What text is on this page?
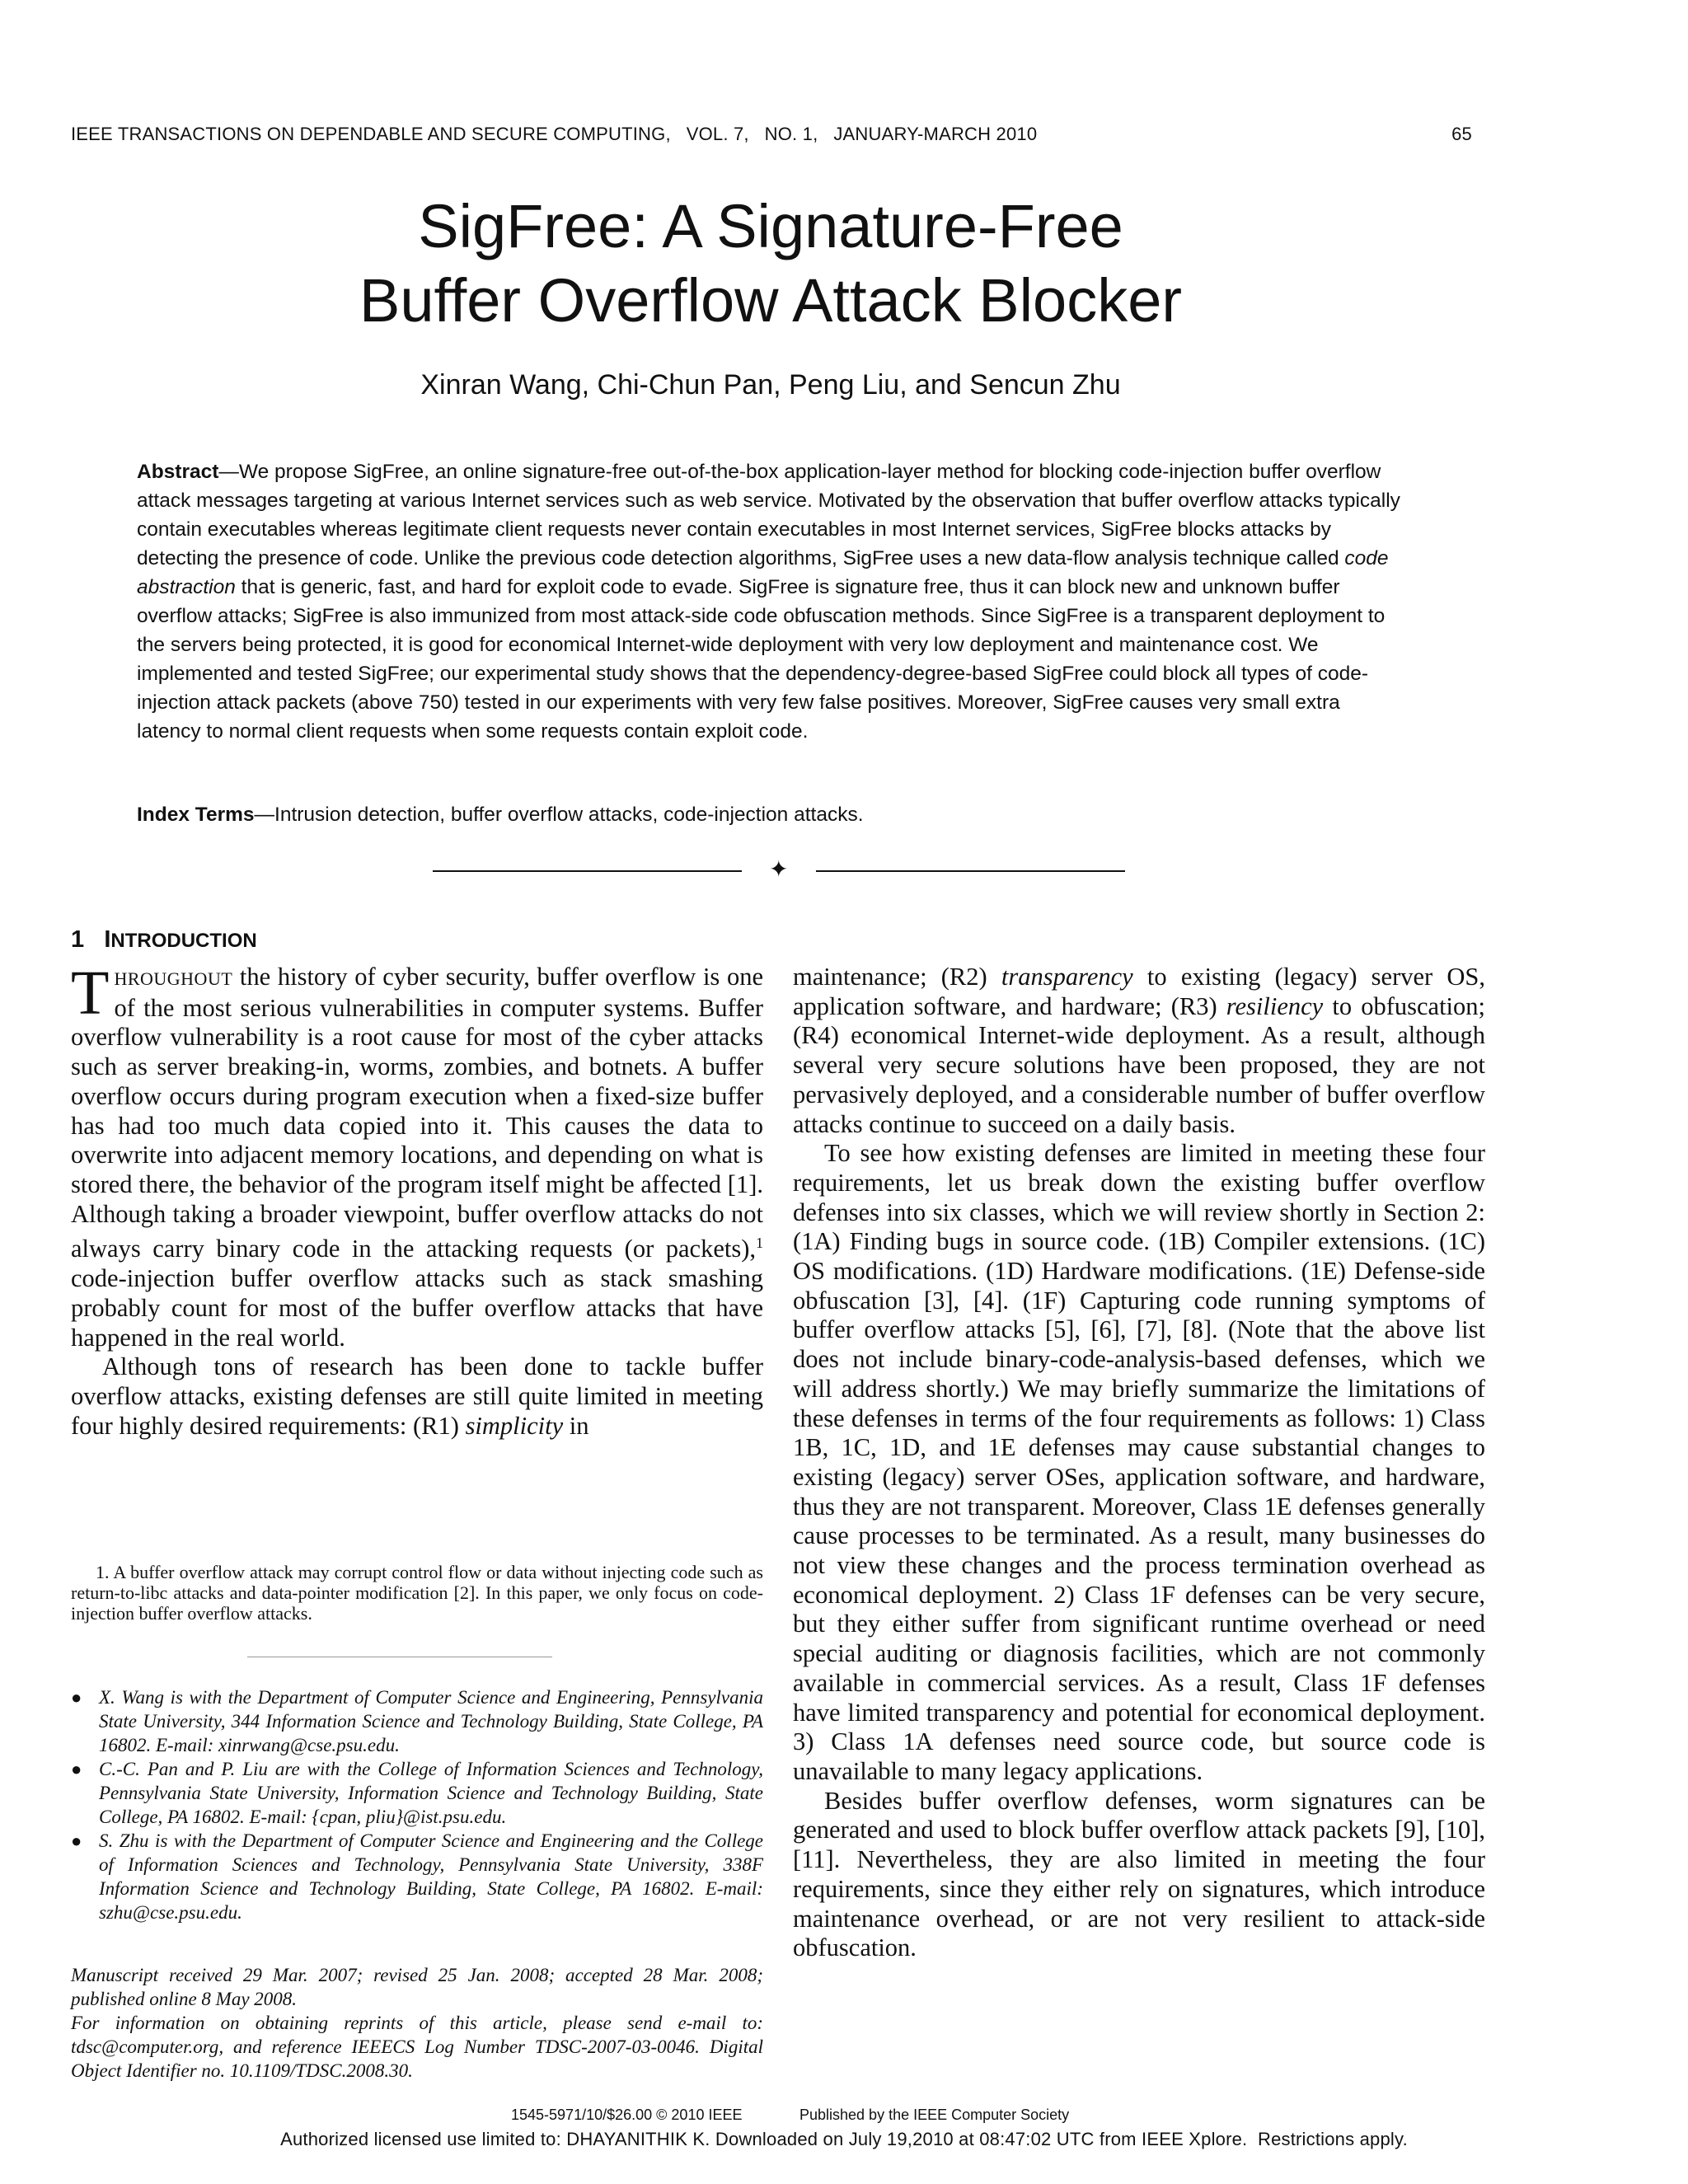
IEEE TRANSACTIONS ON DEPENDABLE AND SECURE COMPUTING,   VOL. 7,   NO. 1,   JANUARY-MARCH 2010	65
SigFree: A Signature-Free
Buffer Overflow Attack Blocker
Xinran Wang, Chi-Chun Pan, Peng Liu, and Sencun Zhu
Abstract—We propose SigFree, an online signature-free out-of-the-box application-layer method for blocking code-injection buffer overflow attack messages targeting at various Internet services such as web service. Motivated by the observation that buffer overflow attacks typically contain executables whereas legitimate client requests never contain executables in most Internet services, SigFree blocks attacks by detecting the presence of code. Unlike the previous code detection algorithms, SigFree uses a new data-flow analysis technique called code abstraction that is generic, fast, and hard for exploit code to evade. SigFree is signature free, thus it can block new and unknown buffer overflow attacks; SigFree is also immunized from most attack-side code obfuscation methods. Since SigFree is a transparent deployment to the servers being protected, it is good for economical Internet-wide deployment with very low deployment and maintenance cost. We implemented and tested SigFree; our experimental study shows that the dependency-degree-based SigFree could block all types of code-injection attack packets (above 750) tested in our experiments with very few false positives. Moreover, SigFree causes very small extra latency to normal client requests when some requests contain exploit code.
Index Terms—Intrusion detection, buffer overflow attacks, code-injection attacks.
✦
1 INTRODUCTION

THROUGHOUT the history of cyber security, buffer overflow is one of the most serious vulnerabilities in computer systems. Buffer overflow vulnerability is a root cause for most of the cyber attacks such as server breaking-in, worms, zombies, and botnets. A buffer overflow occurs during program execution when a fixed-size buffer has had too much data copied into it. This causes the data to overwrite into adjacent memory locations, and depending on what is stored there, the behavior of the program itself might be affected [1]. Although taking a broader viewpoint, buffer overflow attacks do not always carry binary code in the attacking requests (or packets),$^1$ code-injection buffer overflow attacks such as stack smashing probably count for most of the buffer overflow attacks that have happened in the real world.

Although tons of research has been done to tackle buffer overflow attacks, existing defenses are still quite limited in meeting four highly desired requirements: (R1) simplicity in

1. A buffer overflow attack may corrupt control flow or data without injecting code such as return-to-libc attacks and data-pointer modification [2]. In this paper, we only focus on code-injection buffer overflow attacks.

● X. Wang is with the Department of Computer Science and Engineering, Pennsylvania State University, 344 Information Science and Technology Building, State College, PA 16802. E-mail: xinrwang@cse.psu.edu.
● C.-C. Pan and P. Liu are with the College of Information Sciences and Technology, Pennsylvania State University, Information Science and Technology Building, State College, PA 16802. E-mail: {cpan, pliu}@ist.psu.edu.
● S. Zhu is with the Department of Computer Science and Engineering and the College of Information Sciences and Technology, Pennsylvania State University, 338F Information Science and Technology Building, State College, PA 16802. E-mail: szhu@cse.psu.edu.

Manuscript received 29 Mar. 2007; revised 25 Jan. 2008; accepted 28 Mar. 2008; published online 8 May 2008.

For information on obtaining reprints of this article, please send e-mail to: tdsc@computer.org, and reference IEEECS Log Number TDSC-2007-03-0046. Digital Object Identifier no. 10.1109/TDSC.2008.30.

maintenance; (R2) transparency to existing (legacy) server OS, application software, and hardware; (R3) resiliency to obfuscation; (R4) economical Internet-wide deployment. As a result, although several very secure solutions have been proposed, they are not pervasively deployed, and a considerable number of buffer overflow attacks continue to succeed on a daily basis.

To see how existing defenses are limited in meeting these four requirements, let us break down the existing buffer overflow defenses into six classes, which we will review shortly in Section 2: (1A) Finding bugs in source code. (1B) Compiler extensions. (1C) OS modifications. (1D) Hardware modifications. (1E) Defense-side obfuscation [3], [4]. (1F) Capturing code running symptoms of buffer overflow attacks [5], [6], [7], [8]. (Note that the above list does not include binary-code-analysis-based defenses, which we will address shortly.) We may briefly summarize the limitations of these defenses in terms of the four requirements as follows: 1) Class 1B, 1C, 1D, and 1E defenses may cause substantial changes to existing (legacy) server OSes, application software, and hardware, thus they are not transparent. Moreover, Class 1E defenses generally cause processes to be terminated. As a result, many businesses do not view these changes and the process termination overhead as economical deployment. 2) Class 1F defenses can be very secure, but they either suffer from significant runtime overhead or need special auditing or diagnosis facilities, which are not commonly available in commercial services. As a result, Class 1F defenses have limited transparency and potential for economical deployment. 3) Class 1A defenses need source code, but source code is unavailable to many legacy applications.

Besides buffer overflow defenses, worm signatures can be generated and used to block buffer overflow attack packets [9], [10], [11]. Nevertheless, they are also limited in meeting the four requirements, since they either rely on signatures, which introduce maintenance overhead, or are not very resilient to attack-side obfuscation.

1545-5971/10/$26.00 © 2010 IEEE	Published by the IEEE Computer Society
Authorized licensed use limited to: DHAYANITHIK K. Downloaded on July 19,2010 at 08:47:02 UTC from IEEE Xplore.  Restrictions apply.
